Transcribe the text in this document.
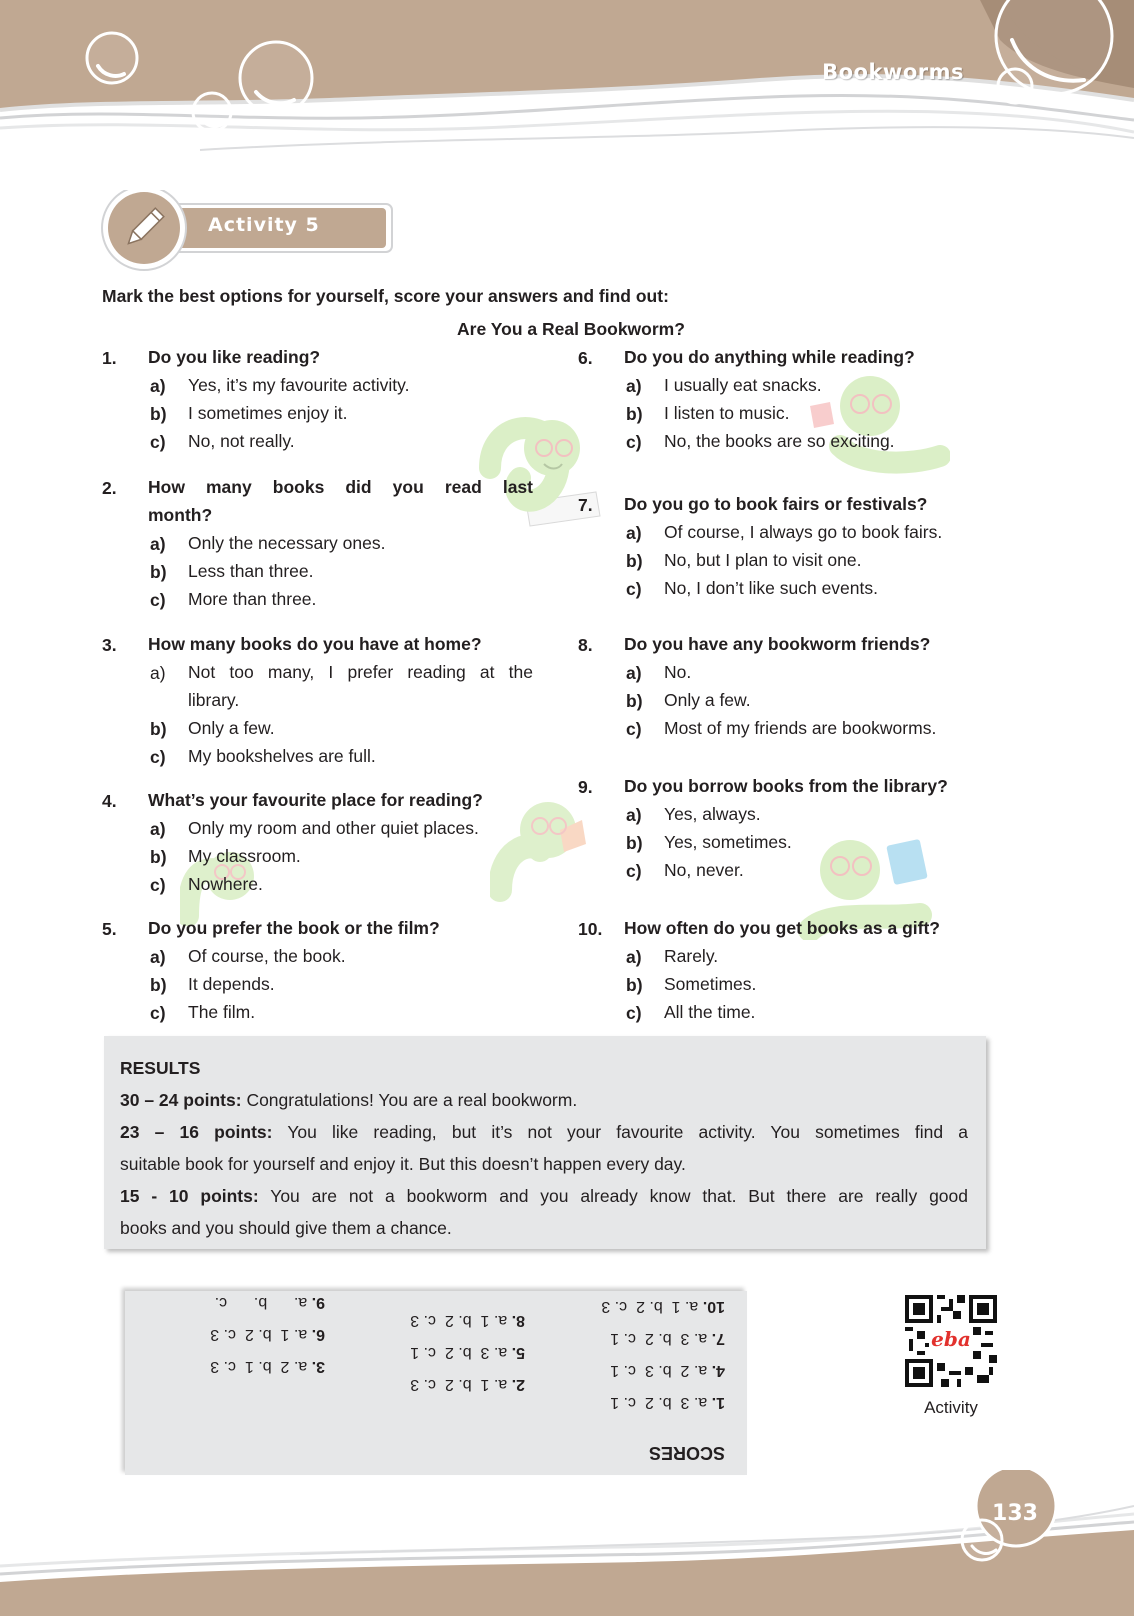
Bookworms
Activity 5
Mark the best options for yourself, score your answers and find out:
Are You a Real Bookworm?
1. Do you like reading?
a) Yes, it’s my favourite activity.
b) I sometimes enjoy it.
c) No, not really.
2. How many books did you read last
month?
a) Only the necessary ones.
b) Less than three.
c) More than three.
3. How many books do you have at home?
a) Not too many, I prefer reading at the
library.
b) Only a few.
c) My bookshelves are full.
4. What’s your favourite place for reading?
a) Only my room and other quiet places.
b) My classroom.
c) Nowhere.
5. Do you prefer the book or the film?
a) Of course, the book.
b) It depends.
c) The film.
6. Do you do anything while reading?
a) I usually eat snacks.
b) I listen to music.
c) No, the books are so exciting.
7. Do you go to book fairs or festivals?
a) Of course, I always go to book fairs.
b) No, but I plan to visit one.
c) No, I don’t like such events.
8. Do you have any bookworm friends?
a) No.
b) Only a few.
c) Most of my friends are bookworms.
9. Do you borrow books from the library?
a) Yes, always.
b) Yes, sometimes.
c) No, never.
10. How often do you get books as a gift?
a) Rarely.
b) Sometimes.
c) All the time.
RESULTS
30 – 24 points: Congratulations! You are a real bookworm.
23 – 16 points: You like reading, but it’s not your favourite activity. You sometimes find a
suitable book for yourself and enjoy it. But this doesn’t happen every day.
15 - 10 points: You are not a bookworm and you already know that. But there are really good
books and you should give them a chance.
SCORES

1. a. 3  b. 2  c. 1

2. a. 1  b. 2  c. 3

3. a. 2  b. 1  c. 3

	4. a. 2  b. 3  c. 1

5. a. 3  b. 2  c. 1

6. a. 1  b. 2  c. 3

	7. a. 3  b. 2  c. 1

8. a. 1  b. 2  c. 3

9. a.      b.      c.

	10. a. 1  b. 2  c. 3

eba
Activity
133
